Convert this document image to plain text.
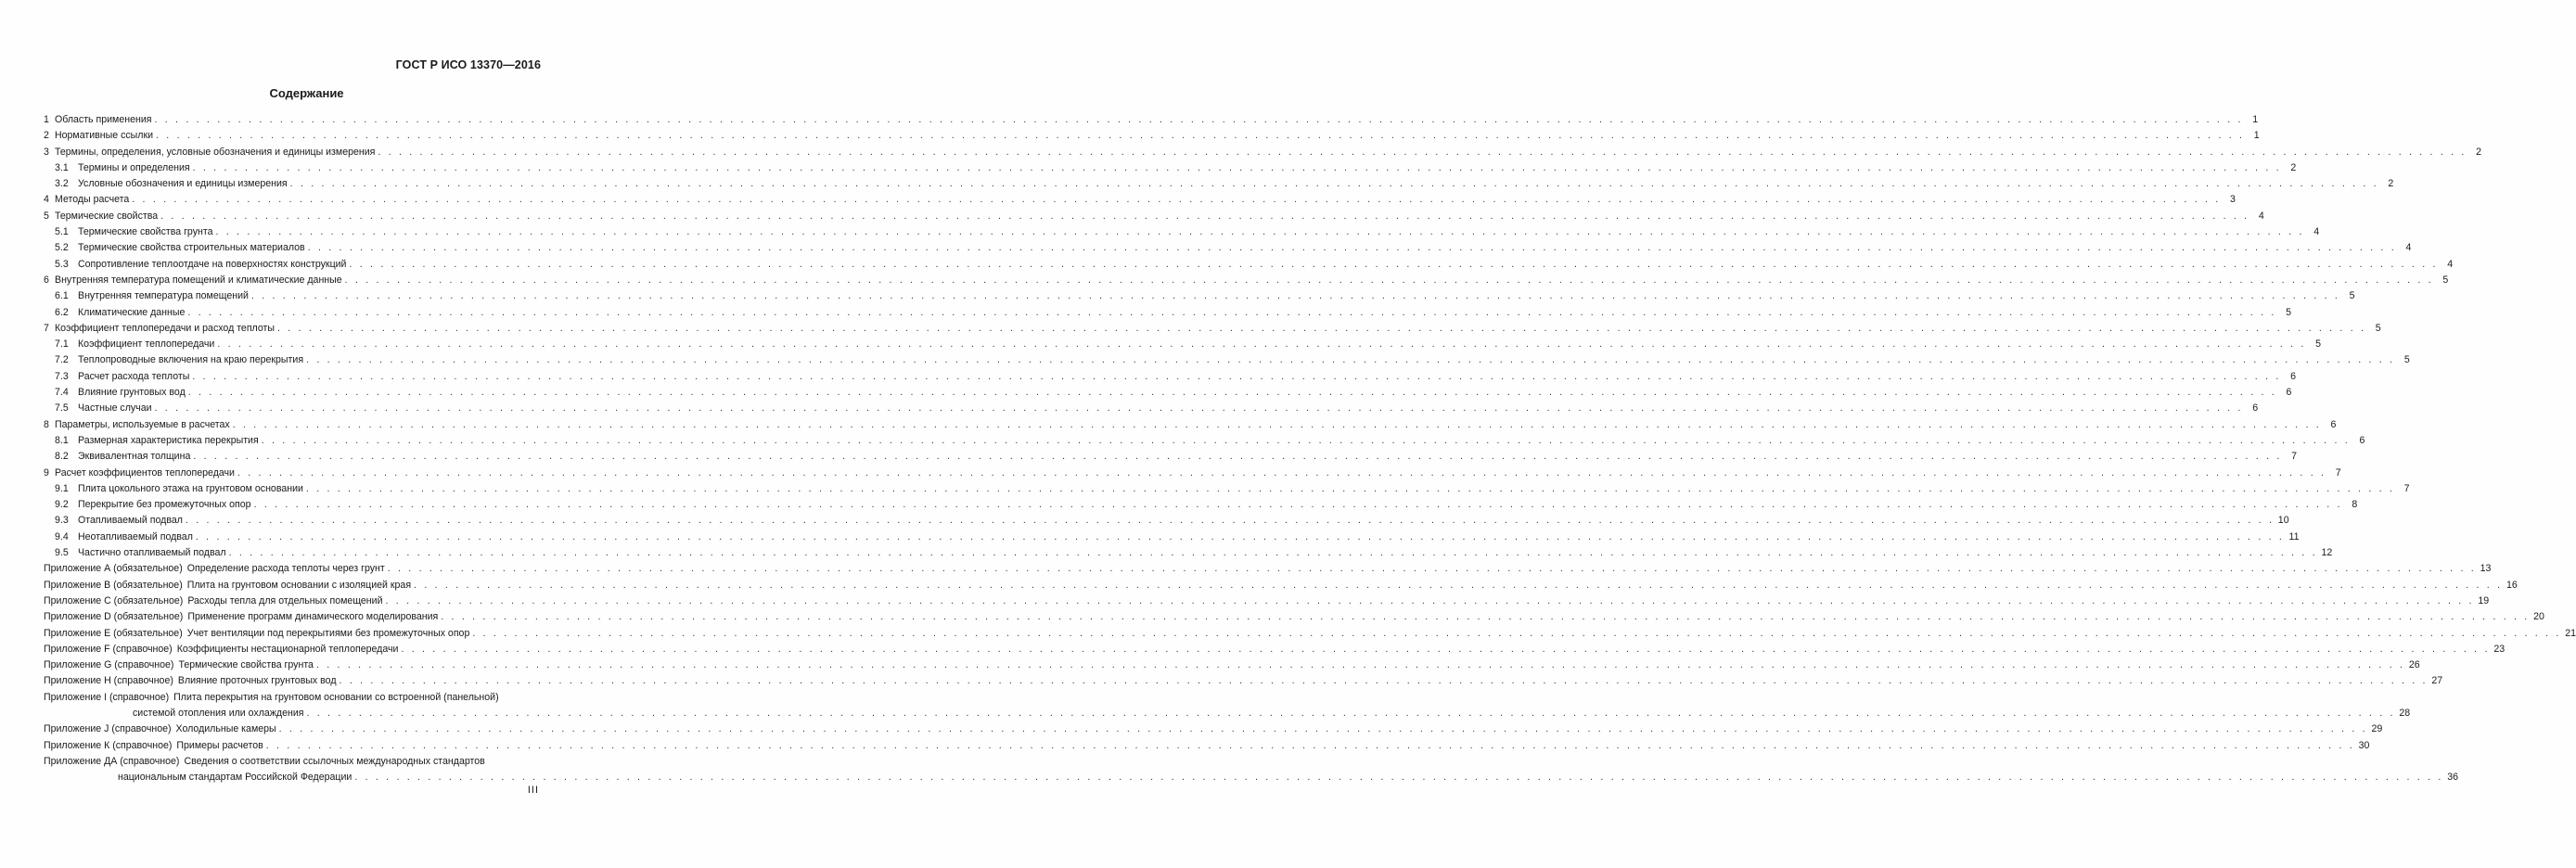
ГОСТ Р ИСО 13370—2016
Содержание
1 Область применения . . . . . . . . . . . . . . . . . . . . . . . . . . . . . . . . . . . . . . . . . . . . . . . . . . . . . . . . . . . . . . . . . . . . . . . . . . . . . . . . . . . . . . . . . . . . . . . . . . . . . . . . . . . . . . . . . . . . . . . . . . . . . . . . . . . . . . . . . . . . . . . . . . . . . . . . . . . . . . . . . . . . . . . . . . . . . . . . . . . . . . . . . . . . . . . . . . . . . . . . 1
2 Нормативные ссылки . . . . . . . . . . . . . . . . . . . . . . . . . . . . . . . . . . . . . . . . . . . . . . . . . . . . . . . . . . . . . . . . . . . . . . . . . . . . . . . . . . . . . . . . . . . . . . . . . . . . . . . . . . . . . . . . . . . . . . . . . . . . . . . . . . . . . . . . . . . . . . . . . . . . . . . . . . . . . . . . . . . . . . . . . . . . . . . . . . . . . . . . . . . . . . . . . . . . . . . . 1
3 Термины, определения, условные обозначения и единицы измерения . . . . . . . . . . . . . . . . . . . . . . . . . . . . . . . . . . . . . . . . . . . . . . . . . . . . . . . . . . . . . . . . . . . . . . . . . . . . . . . . . . . . . . . . . . . . . . . . . . . . . . . . . . . . . . . . . . . . . . . . . . . . . . . . . . . . . . . . . . . . . . . . . . . . . . . . . . . . . . . . . . . . . . . . . . . . . . . . . . . . . . . . . . . . . . . . . . . . . . . . 2
3.1 Термины и определения . . . . . . . . . . . . . . . . . . . . . . . . . . . . . . . . . . . . . . . . . . . . . . . . . . . . . . . . . . . . . . . . . . . . . . . . . . . . . . . . . . . . . . . . . . . . . . . . . . . . . . . . . . . . . . . . . . . . . . . . . . . . . . . . . . . . . . . . . . . . . . . . . . . . . . . . . . . . . . . . . . . . . . . . . . . . . . . . . . . . . . . . . . . . . . . . . . . . . . . . 2
3.2 Условные обозначения и единицы измерения . . . . . . . . . . . . . . . . . . . . . . . . . . . . . . . . . . . . . . . . . . . . . . . . . . . . . . . . . . . . . . . . . . . . . . . . . . . . . . . . . . . . . . . . . . . . . . . . . . . . . . . . . . . . . . . . . . . . . . . . . . . . . . . . . . . . . . . . . . . . . . . . . . . . . . . . . . . . . . . . . . . . . . . . . . . . . . . . . . . . . . . . . . . . . . . . . . . . . . . . 2
4 Методы расчета . . . . . . . . . . . . . . . . . . . . . . . . . . . . . . . . . . . . . . . . . . . . . . . . . . . . . . . . . . . . . . . . . . . . . . . . . . . . . . . . . . . . . . . . . . . . . . . . . . . . . . . . . . . . . . . . . . . . . . . . . . . . . . . . . . . . . . . . . . . . . . . . . . . . . . . . . . . . . . . . . . . . . . . . . . . . . . . . . . . . . . . . . . . . . . . . . . . . . . . . 3
5 Термические свойства . . . . . . . . . . . . . . . . . . . . . . . . . . . . . . . . . . . . . . . . . . . . . . . . . . . . . . . . . . . . . . . . . . . . . . . . . . . . . . . . . . . . . . . . . . . . . . . . . . . . . . . . . . . . . . . . . . . . . . . . . . . . . . . . . . . . . . . . . . . . . . . . . . . . . . . . . . . . . . . . . . . . . . . . . . . . . . . . . . . . . . . . . . . . . . . . . . . . . . . . 4
5.1 Термические свойства грунта . . . . . . . . . . . . . . . . . . . . . . . . . . . . . . . . . . . . . . . . . . . . . . . . . . . . . . . . . . . . . . . . . . . . . . . . . . . . . . . . . . . . . . . . . . . . . . . . . . . . . . . . . . . . . . . . . . . . . . . . . . . . . . . . . . . . . . . . . . . . . . . . . . . . . . . . . . . . . . . . . . . . . . . . . . . . . . . . . . . . . . . . . . . . . . . . . . . . . . . . 4
5.2 Термические свойства строительных материалов . . . . . . . . . . . . . . . . . . . . . . . . . . . . . . . . . . . . . . . . . . . . . . . . . . . . . . . . . . . . . . . . . . . . . . . . . . . . . . . . . . . . . . . . . . . . . . . . . . . . . . . . . . . . . . . . . . . . . . . . . . . . . . . . . . . . . . . . . . . . . . . . . . . . . . . . . . . . . . . . . . . . . . . . . . . . . . . . . . . . . . . . . . . . . . . . . . . . . . . . 4
5.3 Сопротивление теплоотдаче на поверхностях конструкций . . . . . . . . . . . . . . . . . . . . . . . . . . . . . . . . . . . . . . . . . . . . . . . . . . . . . . . . . . . . . . . . . . . . . . . . . . . . . . . . . . . . . . . . . . . . . . . . . . . . . . . . . . . . . . . . . . . . . . . . . . . . . . . . . . . . . . . . . . . . . . . . . . . . . . . . . . . . . . . . . . . . . . . . . . . . . . . . . . . . . . . . . . . . . . . . . . . . . . . . 4
6 Внутренняя температура помещений и климатические данные . . . . . . . . . . . . . . . . . . . . . . . . . . . . . . . . . . . . . . . . . . . . . . . . . . . . . . . . . . . . . . . . . . . . . . . . . . . . . . . . . . . . . . . . . . . . . . . . . . . . . . . . . . . . . . . . . . . . . . . . . . . . . . . . . . . . . . . . . . . . . . . . . . . . . . . . . . . . . . . . . . . . . . . . . . . . . . . . . . . . . . . . . . . . . . . . . . . . . . . . 5
6.1 Внутренняя температура помещений . . . . . . . . . . . . . . . . . . . . . . . . . . . . . . . . . . . . . . . . . . . . . . . . . . . . . . . . . . . . . . . . . . . . . . . . . . . . . . . . . . . . . . . . . . . . . . . . . . . . . . . . . . . . . . . . . . . . . . . . . . . . . . . . . . . . . . . . . . . . . . . . . . . . . . . . . . . . . . . . . . . . . . . . . . . . . . . . . . . . . . . . . . . . . . . . . . . . . . . . 5
6.2 Климатические данные . . . . . . . . . . . . . . . . . . . . . . . . . . . . . . . . . . . . . . . . . . . . . . . . . . . . . . . . . . . . . . . . . . . . . . . . . . . . . . . . . . . . . . . . . . . . . . . . . . . . . . . . . . . . . . . . . . . . . . . . . . . . . . . . . . . . . . . . . . . . . . . . . . . . . . . . . . . . . . . . . . . . . . . . . . . . . . . . . . . . . . . . . . . . . . . . . . . . . . . . 5
7 Коэффициент теплопередачи и расход теплоты . . . . . . . . . . . . . . . . . . . . . . . . . . . . . . . . . . . . . . . . . . . . . . . . . . . . . . . . . . . . . . . . . . . . . . . . . . . . . . . . . . . . . . . . . . . . . . . . . . . . . . . . . . . . . . . . . . . . . . . . . . . . . . . . . . . . . . . . . . . . . . . . . . . . . . . . . . . . . . . . . . . . . . . . . . . . . . . . . . . . . . . . . . . . . . . . . . . . . . . . 5
7.1 Коэффициент теплопередачи . . . . . . . . . . . . . . . . . . . . . . . . . . . . . . . . . . . . . . . . . . . . . . . . . . . . . . . . . . . . . . . . . . . . . . . . . . . . . . . . . . . . . . . . . . . . . . . . . . . . . . . . . . . . . . . . . . . . . . . . . . . . . . . . . . . . . . . . . . . . . . . . . . . . . . . . . . . . . . . . . . . . . . . . . . . . . . . . . . . . . . . . . . . . . . . . . . . . . . . . 5
7.2 Теплопроводные включения на краю перекрытия . . . . . . . . . . . . . . . . . . . . . . . . . . . . . . . . . . . . . . . . . . . . . . . . . . . . . . . . . . . . . . . . . . . . . . . . . . . . . . . . . . . . . . . . . . . . . . . . . . . . . . . . . . . . . . . . . . . . . . . . . . . . . . . . . . . . . . . . . . . . . . . . . . . . . . . . . . . . . . . . . . . . . . . . . . . . . . . . . . . . . . . . . . . . . . . . . . . . . . . . 5
7.3 Расчет расхода теплоты . . . . . . . . . . . . . . . . . . . . . . . . . . . . . . . . . . . . . . . . . . . . . . . . . . . . . . . . . . . . . . . . . . . . . . . . . . . . . . . . . . . . . . . . . . . . . . . . . . . . . . . . . . . . . . . . . . . . . . . . . . . . . . . . . . . . . . . . . . . . . . . . . . . . . . . . . . . . . . . . . . . . . . . . . . . . . . . . . . . . . . . . . . . . . . . . . . . . . . . . 6
7.4 Влияние грунтовых вод . . . . . . . . . . . . . . . . . . . . . . . . . . . . . . . . . . . . . . . . . . . . . . . . . . . . . . . . . . . . . . . . . . . . . . . . . . . . . . . . . . . . . . . . . . . . . . . . . . . . . . . . . . . . . . . . . . . . . . . . . . . . . . . . . . . . . . . . . . . . . . . . . . . . . . . . . . . . . . . . . . . . . . . . . . . . . . . . . . . . . . . . . . . . . . . . . . . . . . . . 6
7.5 Частные случаи . . . . . . . . . . . . . . . . . . . . . . . . . . . . . . . . . . . . . . . . . . . . . . . . . . . . . . . . . . . . . . . . . . . . . . . . . . . . . . . . . . . . . . . . . . . . . . . . . . . . . . . . . . . . . . . . . . . . . . . . . . . . . . . . . . . . . . . . . . . . . . . . . . . . . . . . . . . . . . . . . . . . . . . . . . . . . . . . . . . . . . . . . . . . . . . . . . . . . . . . 6
8 Параметры, используемые в расчетах . . . . . . . . . . . . . . . . . . . . . . . . . . . . . . . . . . . . . . . . . . . . . . . . . . . . . . . . . . . . . . . . . . . . . . . . . . . . . . . . . . . . . . . . . . . . . . . . . . . . . . . . . . . . . . . . . . . . . . . . . . . . . . . . . . . . . . . . . . . . . . . . . . . . . . . . . . . . . . . . . . . . . . . . . . . . . . . . . . . . . . . . . . . . . . . . . . . . . . . . 6
8.1 Размерная характеристика перекрытия . . . . . . . . . . . . . . . . . . . . . . . . . . . . . . . . . . . . . . . . . . . . . . . . . . . . . . . . . . . . . . . . . . . . . . . . . . . . . . . . . . . . . . . . . . . . . . . . . . . . . . . . . . . . . . . . . . . . . . . . . . . . . . . . . . . . . . . . . . . . . . . . . . . . . . . . . . . . . . . . . . . . . . . . . . . . . . . . . . . . . . . . . . . . . . . . . . . . . . . . 6
8.2 Эквивалентная толщина . . . . . . . . . . . . . . . . . . . . . . . . . . . . . . . . . . . . . . . . . . . . . . . . . . . . . . . . . . . . . . . . . . . . . . . . . . . . . . . . . . . . . . . . . . . . . . . . . . . . . . . . . . . . . . . . . . . . . . . . . . . . . . . . . . . . . . . . . . . . . . . . . . . . . . . . . . . . . . . . . . . . . . . . . . . . . . . . . . . . . . . . . . . . . . . . . . . . . . . . 7
9 Расчет коэффициентов теплопередачи . . . . . . . . . . . . . . . . . . . . . . . . . . . . . . . . . . . . . . . . . . . . . . . . . . . . . . . . . . . . . . . . . . . . . . . . . . . . . . . . . . . . . . . . . . . . . . . . . . . . . . . . . . . . . . . . . . . . . . . . . . . . . . . . . . . . . . . . . . . . . . . . . . . . . . . . . . . . . . . . . . . . . . . . . . . . . . . . . . . . . . . . . . . . . . . . . . . . . . . . 7
9.1 Плита цокольного этажа на грунтовом основании . . . . . . . . . . . . . . . . . . . . . . . . . . . . . . . . . . . . . . . . . . . . . . . . . . . . . . . . . . . . . . . . . . . . . . . . . . . . . . . . . . . . . . . . . . . . . . . . . . . . . . . . . . . . . . . . . . . . . . . . . . . . . . . . . . . . . . . . . . . . . . . . . . . . . . . . . . . . . . . . . . . . . . . . . . . . . . . . . . . . . . . . . . . . . . . . . . . . . . . . 7
9.2 Перекрытие без промежуточных опор . . . . . . . . . . . . . . . . . . . . . . . . . . . . . . . . . . . . . . . . . . . . . . . . . . . . . . . . . . . . . . . . . . . . . . . . . . . . . . . . . . . . . . . . . . . . . . . . . . . . . . . . . . . . . . . . . . . . . . . . . . . . . . . . . . . . . . . . . . . . . . . . . . . . . . . . . . . . . . . . . . . . . . . . . . . . . . . . . . . . . . . . . . . . . . . . . . . . . . . . 8
9.3 Отапливаемый подвал . . . . . . . . . . . . . . . . . . . . . . . . . . . . . . . . . . . . . . . . . . . . . . . . . . . . . . . . . . . . . . . . . . . . . . . . . . . . . . . . . . . . . . . . . . . . . . . . . . . . . . . . . . . . . . . . . . . . . . . . . . . . . . . . . . . . . . . . . . . . . . . . . . . . . . . . . . . . . . . . . . . . . . . . . . . . . . . . . . . . . . . . . . . . . . . . . . . . . . . . 10
9.4 Неотапливаемый подвал . . . . . . . . . . . . . . . . . . . . . . . . . . . . . . . . . . . . . . . . . . . . . . . . . . . . . . . . . . . . . . . . . . . . . . . . . . . . . . . . . . . . . . . . . . . . . . . . . . . . . . . . . . . . . . . . . . . . . . . . . . . . . . . . . . . . . . . . . . . . . . . . . . . . . . . . . . . . . . . . . . . . . . . . . . . . . . . . . . . . . . . . . . . . . . . . . . . . . . . . 11
9.5 Частично отапливаемый подвал . . . . . . . . . . . . . . . . . . . . . . . . . . . . . . . . . . . . . . . . . . . . . . . . . . . . . . . . . . . . . . . . . . . . . . . . . . . . . . . . . . . . . . . . . . . . . . . . . . . . . . . . . . . . . . . . . . . . . . . . . . . . . . . . . . . . . . . . . . . . . . . . . . . . . . . . . . . . . . . . . . . . . . . . . . . . . . . . . . . . . . . . . . . . . . . . . . . . . . . . 12
Приложение А (обязательное) Определение расхода теплоты через грунт . . . . . . . . . . . . . . . . . . . . . . . . . . . . . . . . . . . . . . . . . . . . . . . . . . . . . . . . . . . . . . . . . . . . . . . . . . . . . . . . . . . . . . . . . . . . . . . . . . . . . . . . . . . . . . . . . . . . . . . . . . . . . . . . . . . . . . . . . . . . . . . . . . . . . . . . . . . . . . . . . . . . . . . . . . . . . . . . . . . . . . . . . . . . . . . . . . . . . . . . 13
Приложение В (обязательное) Плита на грунтовом основании с изоляцией края . . . . . . . . . . . . . . . . . . . . . . . . . . . . . . . . . . . . . . . . . . . . . . . . . . . . . . . . . . . . . . . . . . . . . . . . . . . . . . . . . . . . . . . . . . . . . . . . . . . . . . . . . . . . . . . . . . . . . . . . . . . . . . . . . . . . . . . . . . . . . . . . . . . . . . . . . . . . . . . . . . . . . . . . . . . . . . . . . . . . . . . . . . . . . . . . . . . . . . . . 16
Приложение С (обязательное) Расходы тепла для отдельных помещений . . . . . . . . . . . . . . . . . . . . . . . . . . . . . . . . . . . . . . . . . . . . . . . . . . . . . . . . . . . . . . . . . . . . . . . . . . . . . . . . . . . . . . . . . . . . . . . . . . . . . . . . . . . . . . . . . . . . . . . . . . . . . . . . . . . . . . . . . . . . . . . . . . . . . . . . . . . . . . . . . . . . . . . . . . . . . . . . . . . . . . . . . . . . . . . . . . . . . . . . 19
Приложение D (обязательное) Применение программ динамического моделирования . . . . . . . . . . . . . . . . . . . . . . . . . . . . . . . . . . . . . . . . . . . . . . . . . . . . . . . . . . . . . . . . . . . . . . . . . . . . . . . . . . . . . . . . . . . . . . . . . . . . . . . . . . . . . . . . . . . . . . . . . . . . . . . . . . . . . . . . . . . . . . . . . . . . . . . . . . . . . . . . . . . . . . . . . . . . . . . . . . . . . . . . . . . . . . . . . . . . . . . . 20
Приложение Е (обязательное) Учет вентиляции под перекрытиями без промежуточных опор . . . . . . . . . . . . . . . . . . . . . . . . . . . . . . . . . . . . . . . . . . . . . . . . . . . . . . . . . . . . . . . . . . . . . . . . . . . . . . . . . . . . . . . . . . . . . . . . . . . . . . . . . . . . . . . . . . . . . . . . . . . . . . . . . . . . . . . . . . . . . . . . . . . . . . . . . . . . . . . . . . . . . . . . . . . . . . . . . . . . . . . . . . . . . . . . . . . . . . . . 21
Приложение F (справочное) Коэффициенты нестационарной теплопередачи . . . . . . . . . . . . . . . . . . . . . . . . . . . . . . . . . . . . . . . . . . . . . . . . . . . . . . . . . . . . . . . . . . . . . . . . . . . . . . . . . . . . . . . . . . . . . . . . . . . . . . . . . . . . . . . . . . . . . . . . . . . . . . . . . . . . . . . . . . . . . . . . . . . . . . . . . . . . . . . . . . . . . . . . . . . . . . . . . . . . . . . . . . . . . . . . . . . . . . . . 23
Приложение G (справочное) Термические свойства грунта . . . . . . . . . . . . . . . . . . . . . . . . . . . . . . . . . . . . . . . . . . . . . . . . . . . . . . . . . . . . . . . . . . . . . . . . . . . . . . . . . . . . . . . . . . . . . . . . . . . . . . . . . . . . . . . . . . . . . . . . . . . . . . . . . . . . . . . . . . . . . . . . . . . . . . . . . . . . . . . . . . . . . . . . . . . . . . . . . . . . . . . . . . . . . . . . . . . . . . . . 26
Приложение Н (справочное) Влияние проточных грунтовых вод . . . . . . . . . . . . . . . . . . . . . . . . . . . . . . . . . . . . . . . . . . . . . . . . . . . . . . . . . . . . . . . . . . . . . . . . . . . . . . . . . . . . . . . . . . . . . . . . . . . . . . . . . . . . . . . . . . . . . . . . . . . . . . . . . . . . . . . . . . . . . . . . . . . . . . . . . . . . . . . . . . . . . . . . . . . . . . . . . . . . . . . . . . . . . . . . . . . . . . . . 27
Приложение I (справочное) Плита перекрытия на грунтовом основании со встроенной (панельной)
системой отопления или охлаждения . . . . . . . . . . . . . . . . . . . . . . . . . . . . . . . . . . . . . . . . . . . . . . . . . . . . . . . . . . . . . . . . . . . . . . . . . . . . . . . . . . . . . . . . . . . . . . . . . . . . . . . . . . . . . . . . . . . . . . . . . . . . . . . . . . . . . . . . . . . . . . . . . . . . . . . . . . . . . . . . . . . . . . . . . . . . . . . . . . . . . . . . . . . . . . . . . . . . . . . . 28
Приложение J (справочное) Холодильные камеры . . . . . . . . . . . . . . . . . . . . . . . . . . . . . . . . . . . . . . . . . . . . . . . . . . . . . . . . . . . . . . . . . . . . . . . . . . . . . . . . . . . . . . . . . . . . . . . . . . . . . . . . . . . . . . . . . . . . . . . . . . . . . . . . . . . . . . . . . . . . . . . . . . . . . . . . . . . . . . . . . . . . . . . . . . . . . . . . . . . . . . . . . . . . . . . . . . . . . . . . 29
Приложение К (справочное) Примеры расчетов . . . . . . . . . . . . . . . . . . . . . . . . . . . . . . . . . . . . . . . . . . . . . . . . . . . . . . . . . . . . . . . . . . . . . . . . . . . . . . . . . . . . . . . . . . . . . . . . . . . . . . . . . . . . . . . . . . . . . . . . . . . . . . . . . . . . . . . . . . . . . . . . . . . . . . . . . . . . . . . . . . . . . . . . . . . . . . . . . . . . . . . . . . . . . . . . . . . . . . . . 30
Приложение ДА (справочное) Сведения о соответствии ссылочных международных стандартов
национальным стандартам Российской Федерации . . . . . . . . . . . . . . . . . . . . . . . . . . . . . . . . . . . . . . . . . . . . . . . . . . . . . . . . . . . . . . . . . . . . . . . . . . . . . . . . . . . . . . . . . . . . . . . . . . . . . . . . . . . . . . . . . . . . . . . . . . . . . . . . . . . . . . . . . . . . . . . . . . . . . . . . . . . . . . . . . . . . . . . . . . . . . . . . . . . . . . . . . . . . . . . . . . . . . . . . 36
III
